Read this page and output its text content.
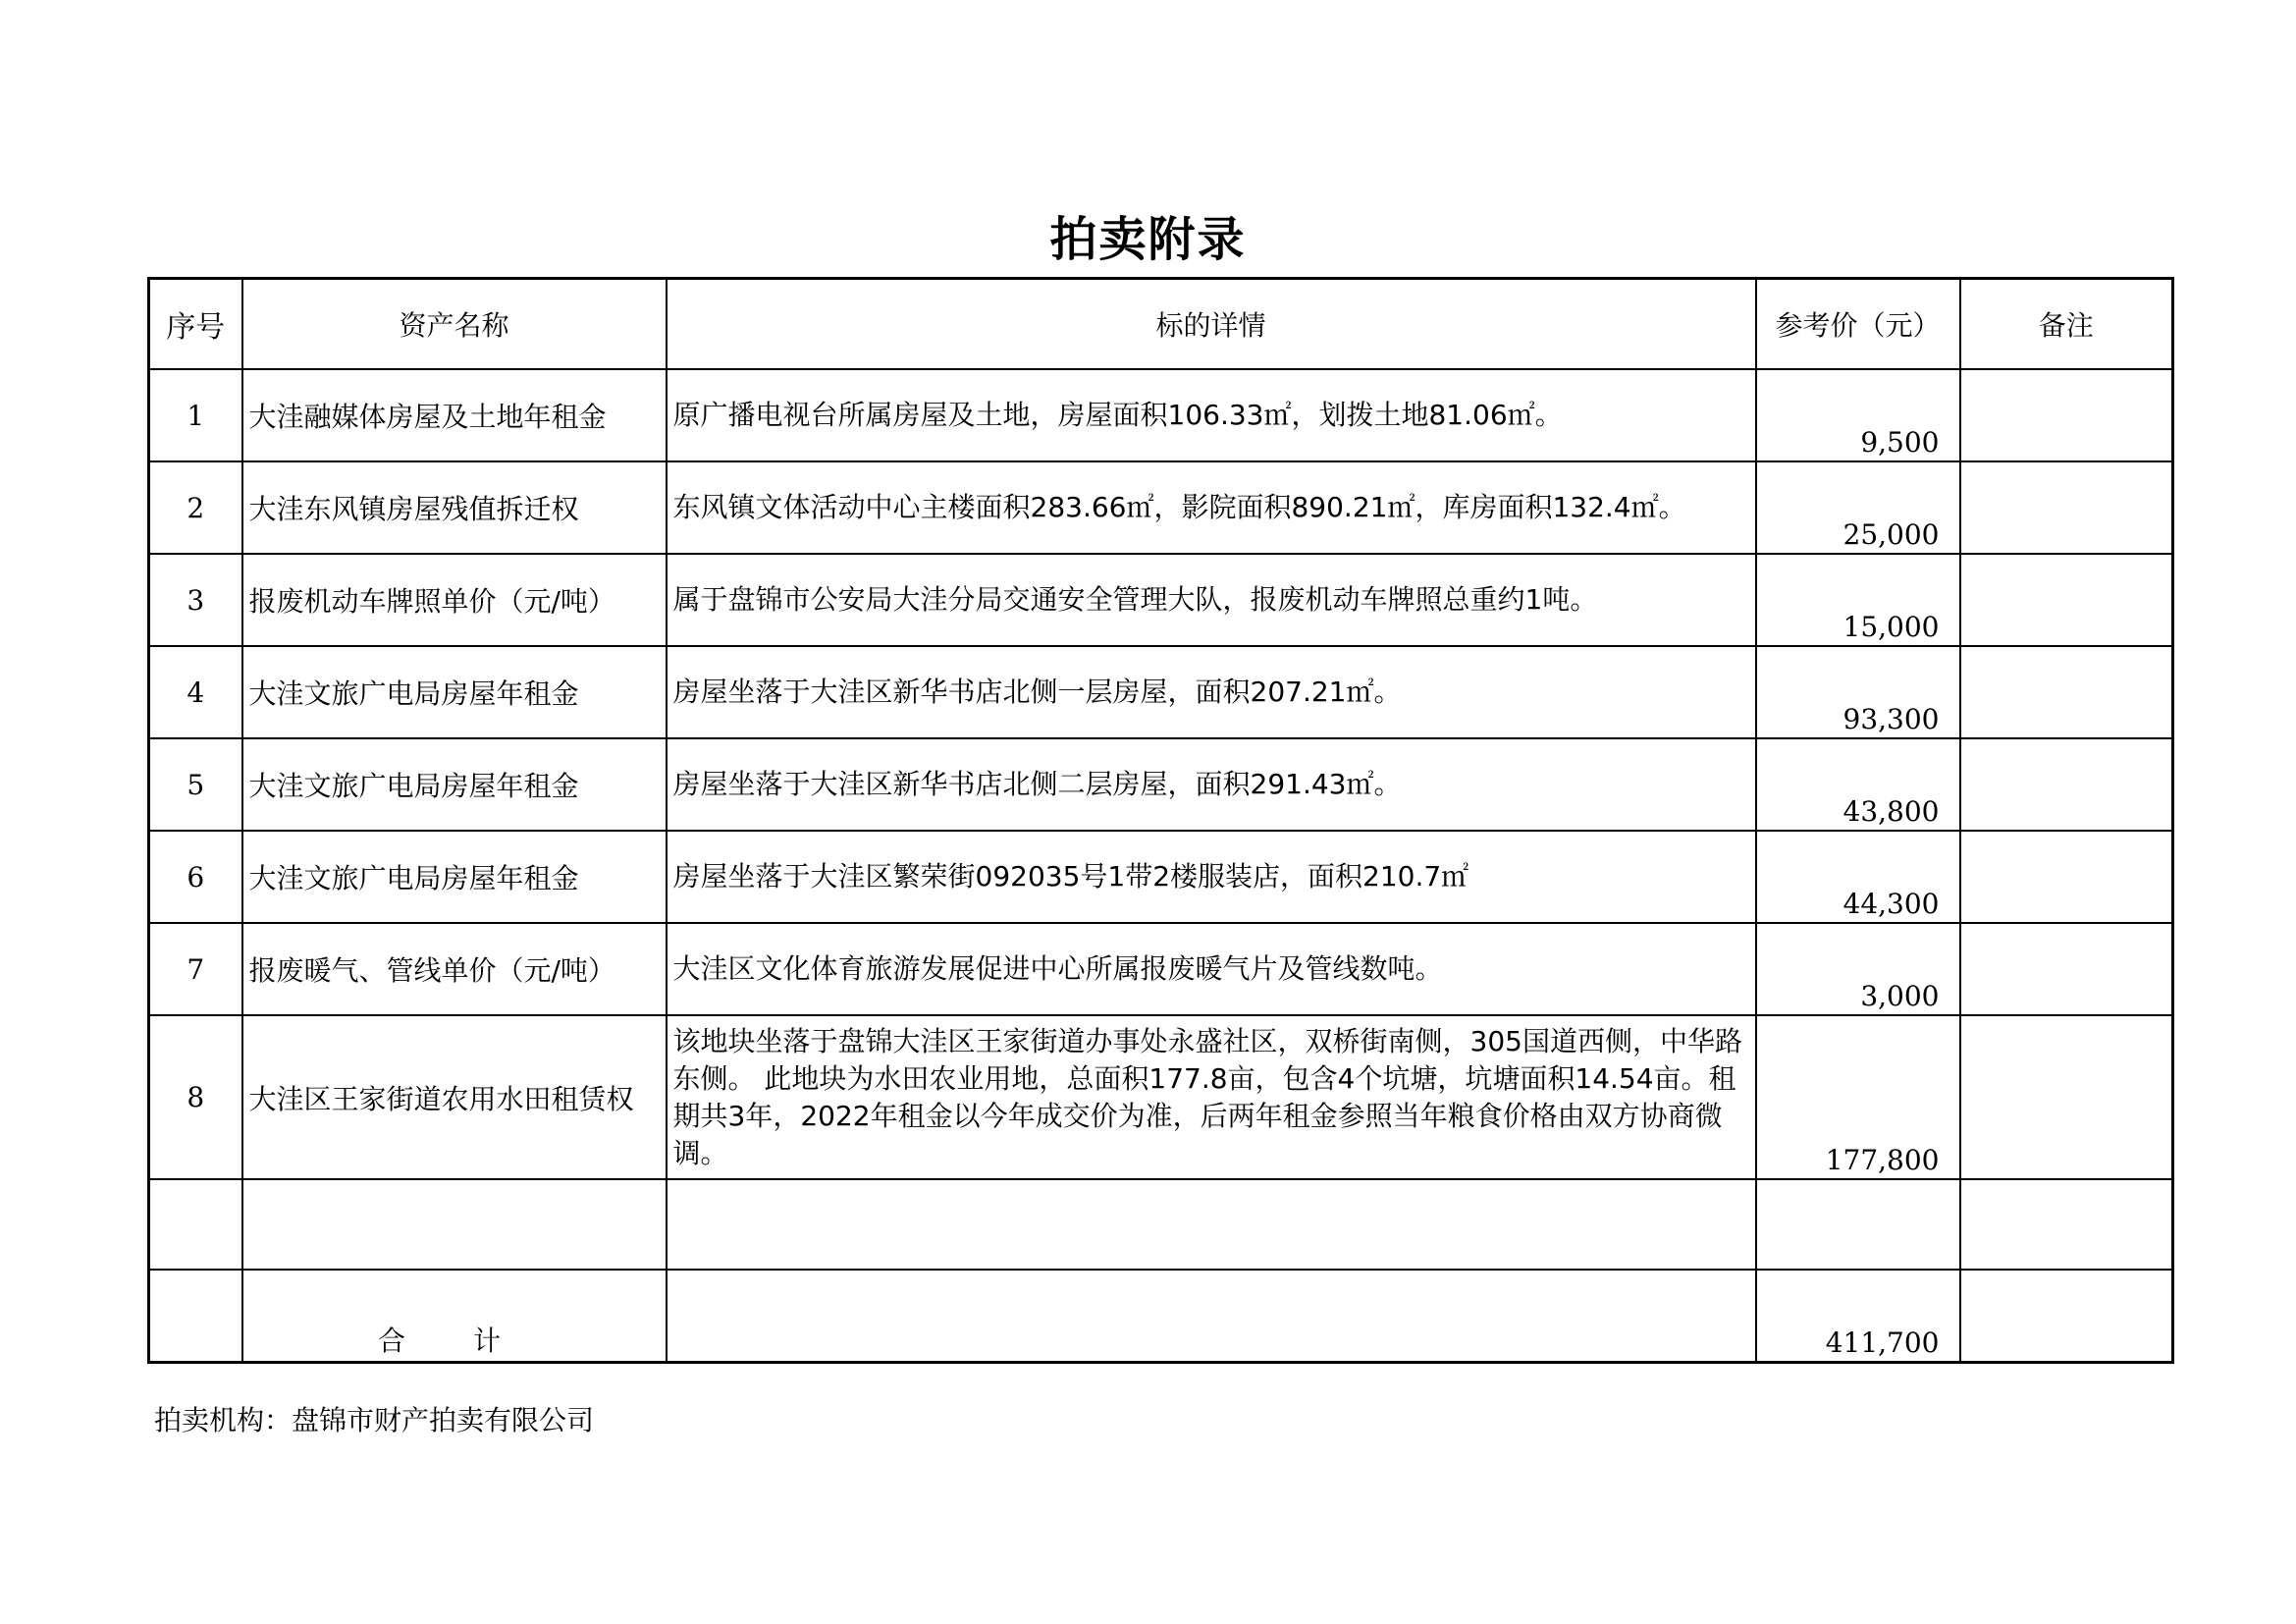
拍卖附录
序号	资产名称	标的详情	参考价（元）	备注
1	大洼融媒体房屋及土地年租金	原广播电视台所属房屋及土地，房屋面积106.33㎡，划拨土地81.06㎡。	9,500	
2	大洼东风镇房屋残值拆迁权	东风镇文体活动中心主楼面积283.66㎡，影院面积890.21㎡，库房面积132.4㎡。	25,000	
3	报废机动车牌照单价（元/吨）	属于盘锦市公安局大洼分局交通安全管理大队，报废机动车牌照总重约1吨。	15,000	
4	大洼文旅广电局房屋年租金	房屋坐落于大洼区新华书店北侧一层房屋，面积207.21㎡。	93,300	
5	大洼文旅广电局房屋年租金	房屋坐落于大洼区新华书店北侧二层房屋，面积291.43㎡。	43,800	
6	大洼文旅广电局房屋年租金	房屋坐落于大洼区繁荣街092035号1带2楼服装店，面积210.7㎡	44,300	
7	报废暖气、管线单价（元/吨）	大洼区文化体育旅游发展促进中心所属报废暖气片及管线数吨。	3,000	
8	大洼区王家街道农用水田租赁权	该地块坐落于盘锦大洼区王家街道办事处永盛社区，双桥街南侧，305国道西侧，中华路东侧。 此地块为水田农业用地，总面积177.8亩，包含4个坑塘，坑塘面积14.54亩。租期共3年，2022年租金以今年成交价为准，后两年租金参照当年粮食价格由双方协商微调。	177,800	

	合 计		411,700	
拍卖机构：盘锦市财产拍卖有限公司
